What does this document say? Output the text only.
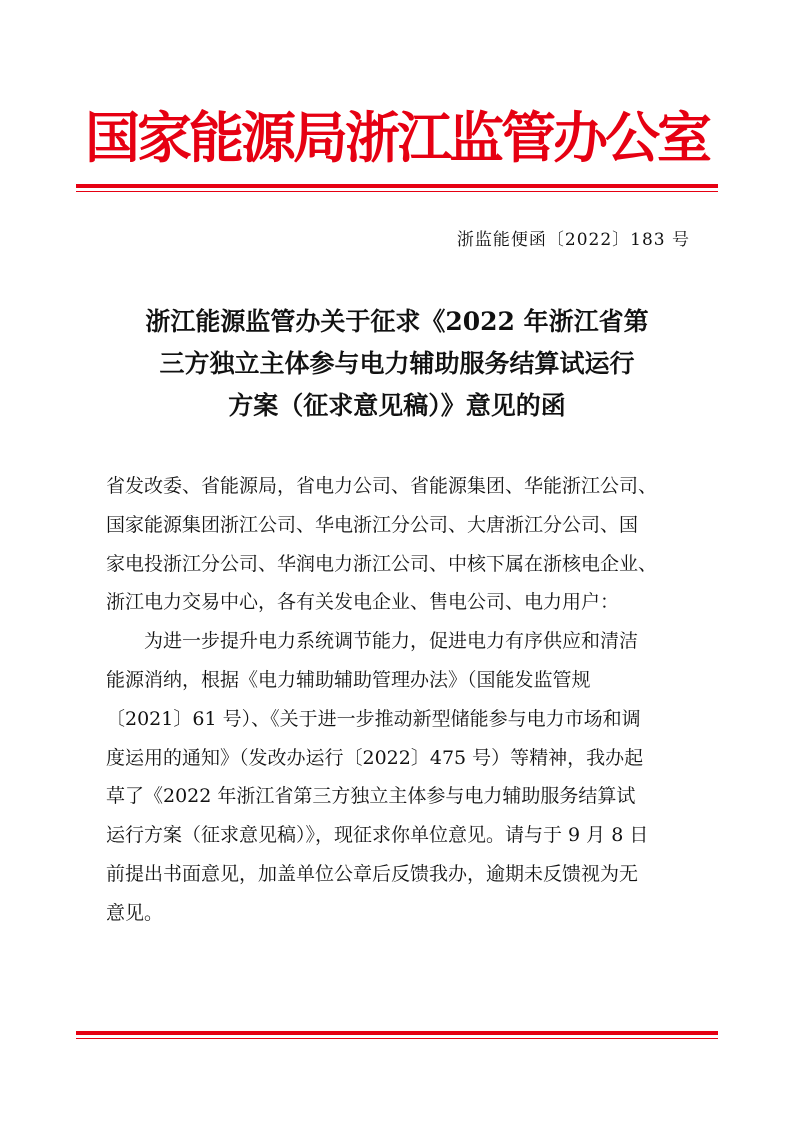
国家能源局浙江监管办公室
浙监能便函〔2022〕183 号
浙江能源监管办关于征求《2022 年浙江省第
三方独立主体参与电力辅助服务结算试运行
方案（征求意见稿）》意见的函
省发改委、省能源局，省电力公司、省能源集团、华能浙江公司、
国家能源集团浙江公司、华电浙江分公司、大唐浙江分公司、国
家电投浙江分公司、华润电力浙江公司、中核下属在浙核电企业、
浙江电力交易中心，各有关发电企业、售电公司、电力用户：
　　为进一步提升电力系统调节能力，促进电力有序供应和清洁
能源消纳，根据《电力辅助辅助管理办法》（国能发监管规
〔2021〕61 号）、《关于进一步推动新型储能参与电力市场和调
度运用的通知》（发改办运行〔2022〕475 号）等精神，我办起
草了《2022 年浙江省第三方独立主体参与电力辅助服务结算试
运行方案（征求意见稿）》，现征求你单位意见。请与于 9 月 8 日
前提出书面意见，加盖单位公章后反馈我办，逾期未反馈视为无
意见。
